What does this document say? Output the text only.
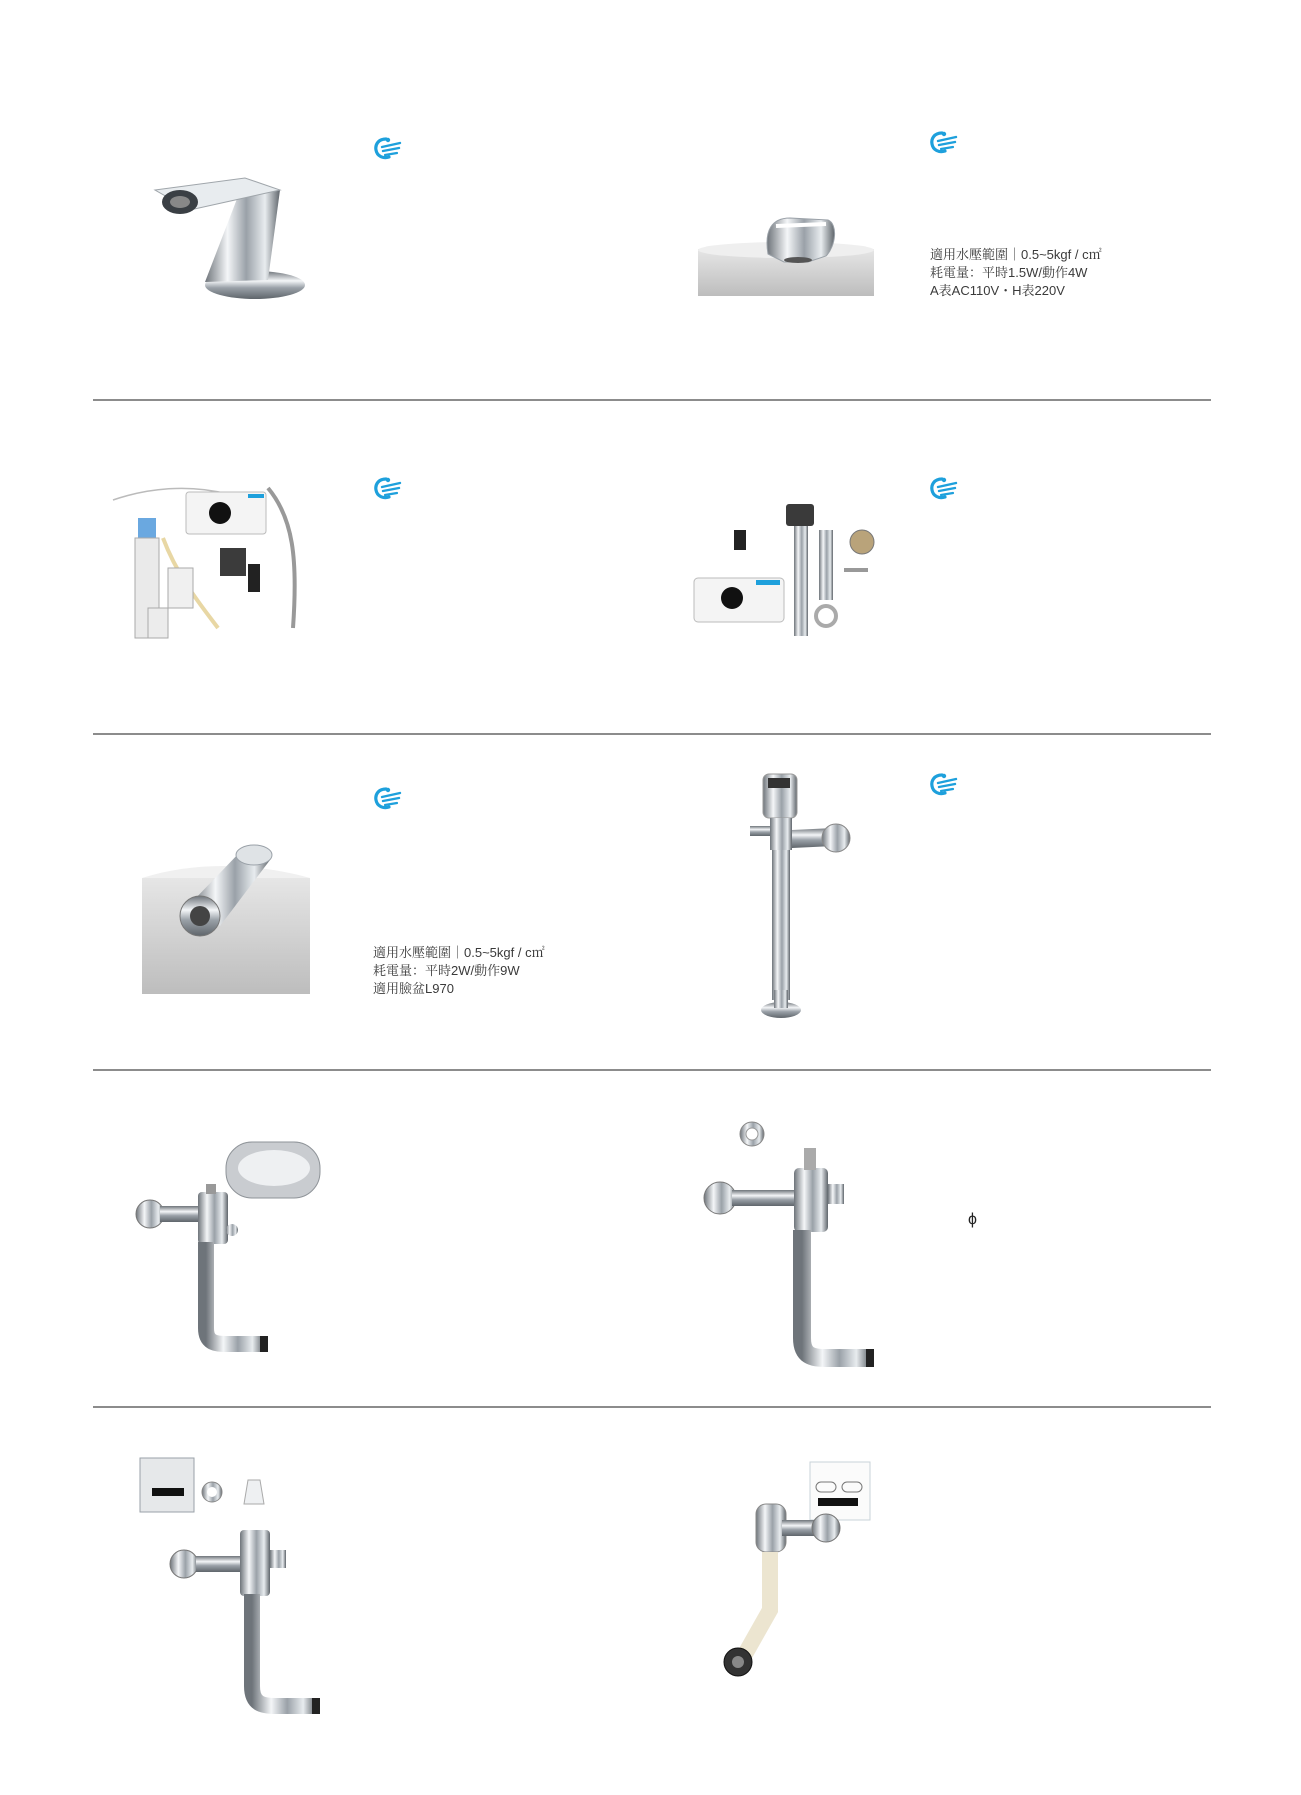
適用水壓範圍｜0.5~5kgf / c㎡
耗電量：平時1.5W/動作4W
A表AC110V・H表220V
適用水壓範圍｜0.5~5kgf / c㎡
耗電量：平時2W/動作9W
適用臉盆L970
ϕ
